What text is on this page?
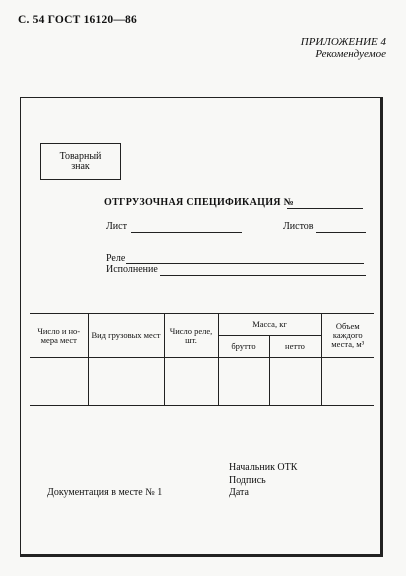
С. 54 ГОСТ 16120—86
ПРИЛОЖЕНИЕ 4
Рекомендуемое
Товарный
знак
ОТГРУЗОЧНАЯ СПЕЦИФИКАЦИЯ №
Лист	Листов
Реле
Исполнение
Число и но-мера мест	Вид грузовых мест	Число реле, шт.	Масса, кг		Объем каждого места, м³
			брутто	нетто	

Начальник ОТК
Подпись
Дата
Документация в месте № 1
